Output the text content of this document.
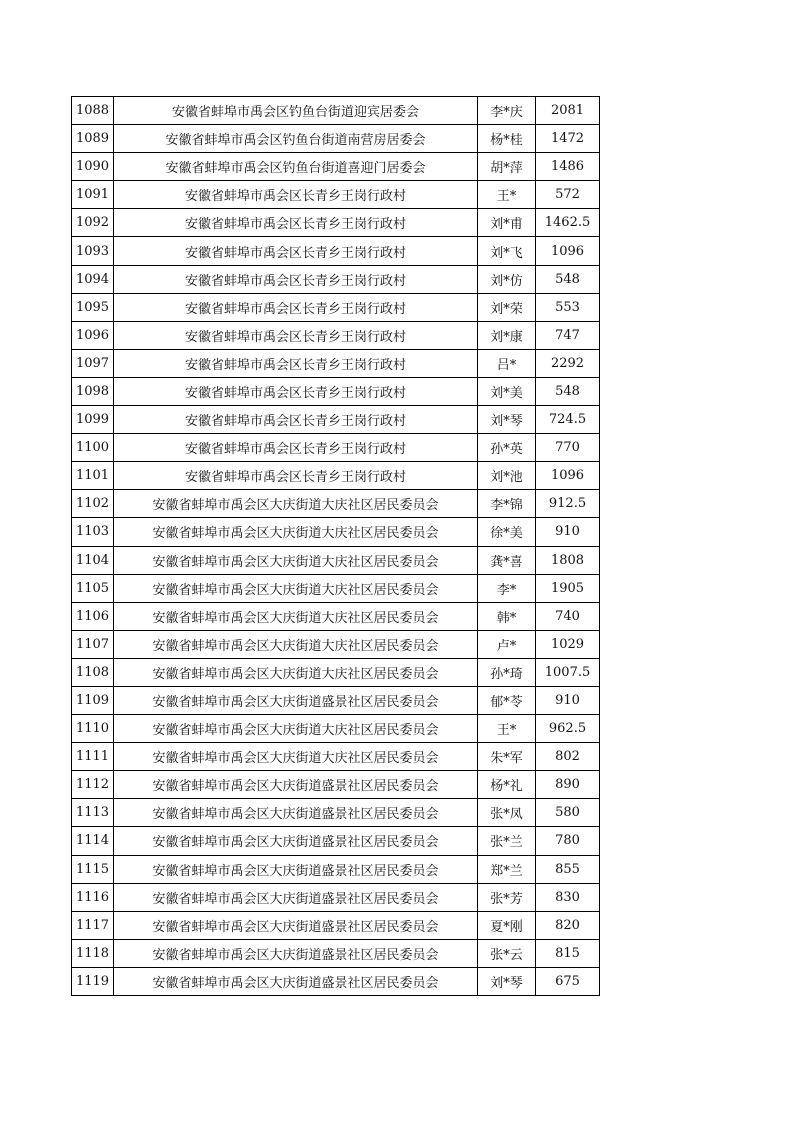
1088	安徽省蚌埠市禹会区钓鱼台街道迎宾居委会	李*庆	2081
1089	安徽省蚌埠市禹会区钓鱼台街道南营房居委会	杨*桂	1472
1090	安徽省蚌埠市禹会区钓鱼台街道喜迎门居委会	胡*萍	1486
1091	安徽省蚌埠市禹会区长青乡王岗行政村	王*	572
1092	安徽省蚌埠市禹会区长青乡王岗行政村	刘*甫	1462.5
1093	安徽省蚌埠市禹会区长青乡王岗行政村	刘*飞	1096
1094	安徽省蚌埠市禹会区长青乡王岗行政村	刘*仿	548
1095	安徽省蚌埠市禹会区长青乡王岗行政村	刘*荣	553
1096	安徽省蚌埠市禹会区长青乡王岗行政村	刘*康	747
1097	安徽省蚌埠市禹会区长青乡王岗行政村	吕*	2292
1098	安徽省蚌埠市禹会区长青乡王岗行政村	刘*美	548
1099	安徽省蚌埠市禹会区长青乡王岗行政村	刘*琴	724.5
1100	安徽省蚌埠市禹会区长青乡王岗行政村	孙*英	770
1101	安徽省蚌埠市禹会区长青乡王岗行政村	刘*池	1096
1102	安徽省蚌埠市禹会区大庆街道大庆社区居民委员会	李*锦	912.5
1103	安徽省蚌埠市禹会区大庆街道大庆社区居民委员会	徐*美	910
1104	安徽省蚌埠市禹会区大庆街道大庆社区居民委员会	龚*喜	1808
1105	安徽省蚌埠市禹会区大庆街道大庆社区居民委员会	李*	1905
1106	安徽省蚌埠市禹会区大庆街道大庆社区居民委员会	韩*	740
1107	安徽省蚌埠市禹会区大庆街道大庆社区居民委员会	卢*	1029
1108	安徽省蚌埠市禹会区大庆街道大庆社区居民委员会	孙*琦	1007.5
1109	安徽省蚌埠市禹会区大庆街道盛景社区居民委员会	郁*苓	910
1110	安徽省蚌埠市禹会区大庆街道大庆社区居民委员会	王*	962.5
1111	安徽省蚌埠市禹会区大庆街道大庆社区居民委员会	朱*军	802
1112	安徽省蚌埠市禹会区大庆街道盛景社区居民委员会	杨*礼	890
1113	安徽省蚌埠市禹会区大庆街道盛景社区居民委员会	张*凤	580
1114	安徽省蚌埠市禹会区大庆街道盛景社区居民委员会	张*兰	780
1115	安徽省蚌埠市禹会区大庆街道盛景社区居民委员会	郑*兰	855
1116	安徽省蚌埠市禹会区大庆街道盛景社区居民委员会	张*芳	830
1117	安徽省蚌埠市禹会区大庆街道盛景社区居民委员会	夏*刚	820
1118	安徽省蚌埠市禹会区大庆街道盛景社区居民委员会	张*云	815
1119	安徽省蚌埠市禹会区大庆街道盛景社区居民委员会	刘*琴	675
